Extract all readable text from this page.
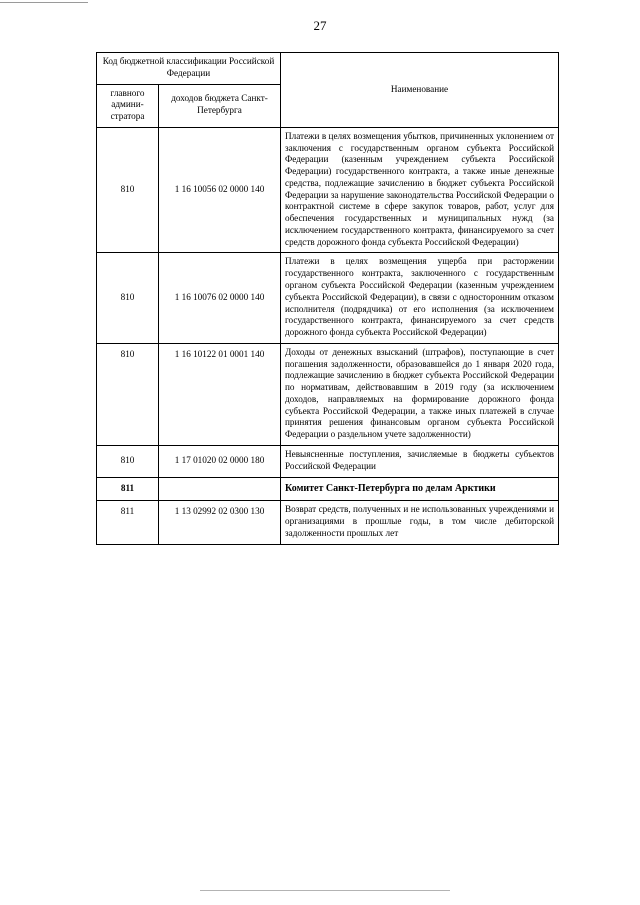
27
Код бюджетной классификации Российской Федерации		Наименование
главного админи-стратора	доходов бюджета Санкт-Петербурга	
810	1 16 10056 02 0000 140	Платежи в целях возмещения убытков, причиненных уклонением от заключения с государственным органом субъекта Российской Федерации (казенным учреждением субъекта Российской Федерации) государственного контракта, а также иные денежные средства, подлежащие зачислению в бюджет субъекта Российской Федерации за нарушение законодательства Российской Федерации о контрактной системе в сфере закупок товаров, работ, услуг для обеспечения государственных и муниципальных нужд (за исключением государственного контракта, финансируемого за счет средств дорожного фонда субъекта Российской Федерации)
810	1 16 10076 02 0000 140	Платежи в целях возмещения ущерба при расторжении государственного контракта, заключенного с государственным органом субъекта Российской Федерации (казенным учреждением субъекта Российской Федерации), в связи с односторонним отказом исполнителя (подрядчика) от его исполнения (за исключением государственного контракта, финансируемого за счет средств дорожного фонда субъекта Российской Федерации)
810	1 16 10122 01 0001 140	Доходы от денежных взысканий (штрафов), поступающие в счет погашения задолженности, образовавшейся до 1 января 2020 года, подлежащие зачислению в бюджет субъекта Российской Федерации по нормативам, действовавшим в 2019 году (за исключением доходов, направляемых на формирование дорожного фонда субъекта Российской Федерации, а также иных платежей в случае принятия решения финансовым органом субъекта Российской Федерации о раздельном учете задолженности)
810	1 17 01020 02 0000 180	Невыясненные поступления, зачисляемые в бюджеты субъектов Российской Федерации
811		Комитет Санкт-Петербурга по делам Арктики
811	1 13 02992 02 0300 130	Возврат средств, полученных и не использованных учреждениями и организациями в прошлые годы, в том числе дебиторской задолженности прошлых лет
